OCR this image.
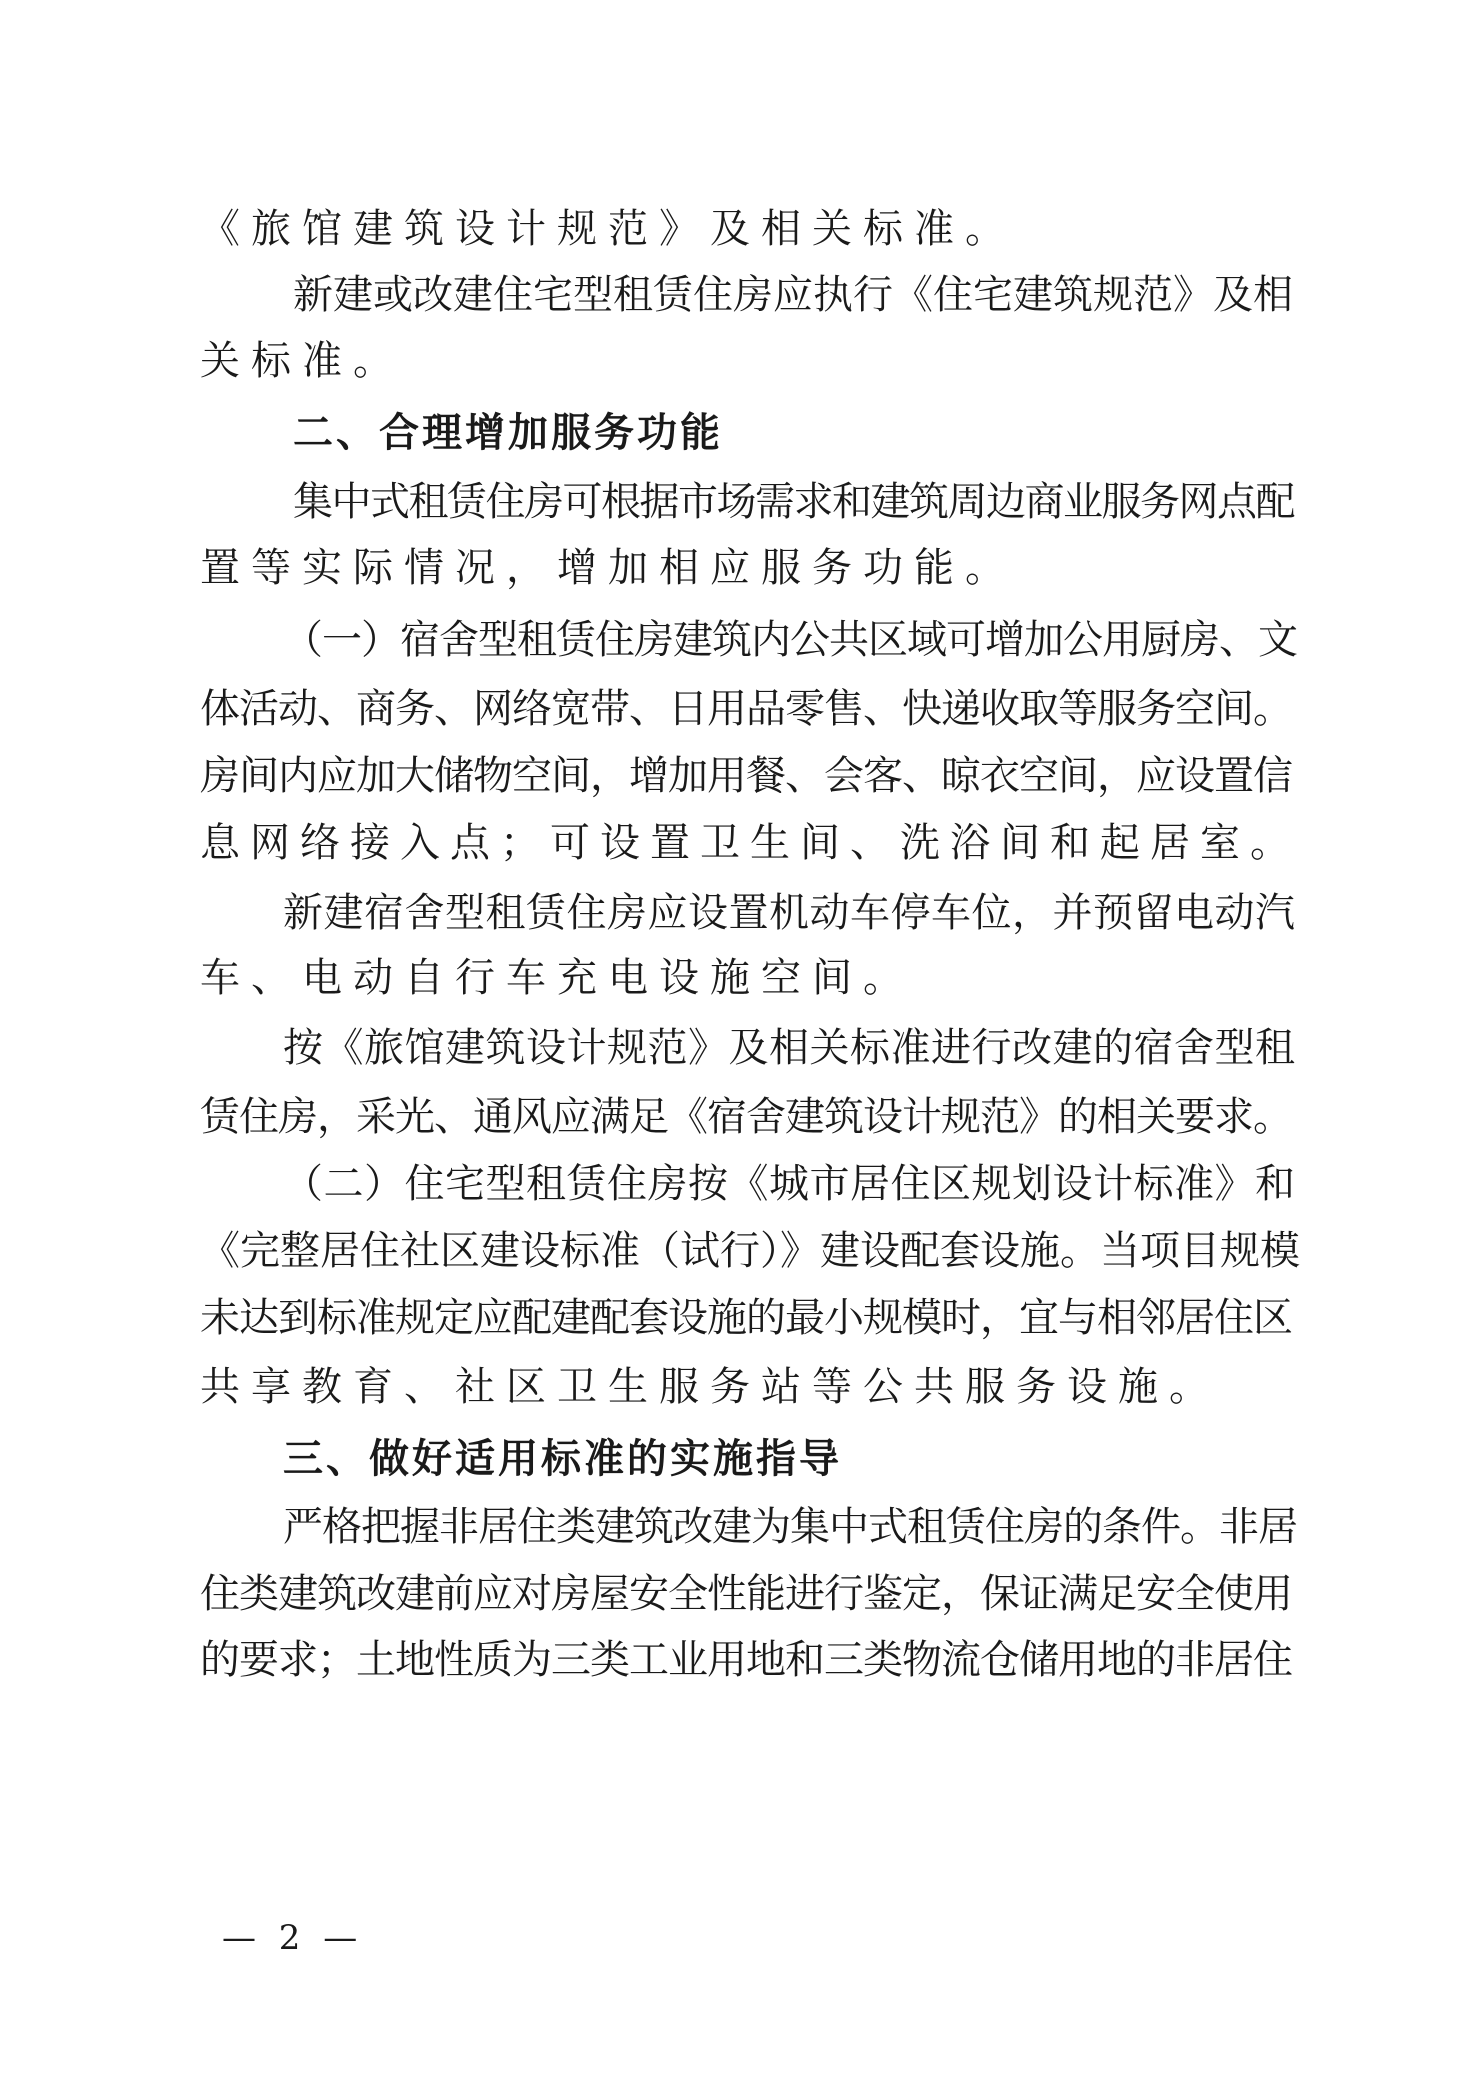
《旅馆建筑设计规范》及相关标准。
新建或改建住宅型租赁住房应执行《住宅建筑规范》及相
关标准。
二、合理增加服务功能
集中式租赁住房可根据市场需求和建筑周边商业服务网点配
置等实际情况，增加相应服务功能。
（一）宿舍型租赁住房建筑内公共区域可增加公用厨房、文
体活动、商务、网络宽带、日用品零售、快递收取等服务空间。
房间内应加大储物空间，增加用餐、会客、晾衣空间，应设置信
息网络接入点；可设置卫生间、洗浴间和起居室。
新建宿舍型租赁住房应设置机动车停车位，并预留电动汽
车、电动自行车充电设施空间。
按《旅馆建筑设计规范》及相关标准进行改建的宿舍型租
赁住房，采光、通风应满足《宿舍建筑设计规范》的相关要求。
（二）住宅型租赁住房按《城市居住区规划设计标准》和
《完整居住社区建设标准（试行）》建设配套设施。当项目规模
未达到标准规定应配建配套设施的最小规模时，宜与相邻居住区
共享教育、社区卫生服务站等公共服务设施。
三、做好适用标准的实施指导
严格把握非居住类建筑改建为集中式租赁住房的条件。非居
住类建筑改建前应对房屋安全性能进行鉴定，保证满足安全使用
的要求；土地性质为三类工业用地和三类物流仓储用地的非居住
— 2 —
